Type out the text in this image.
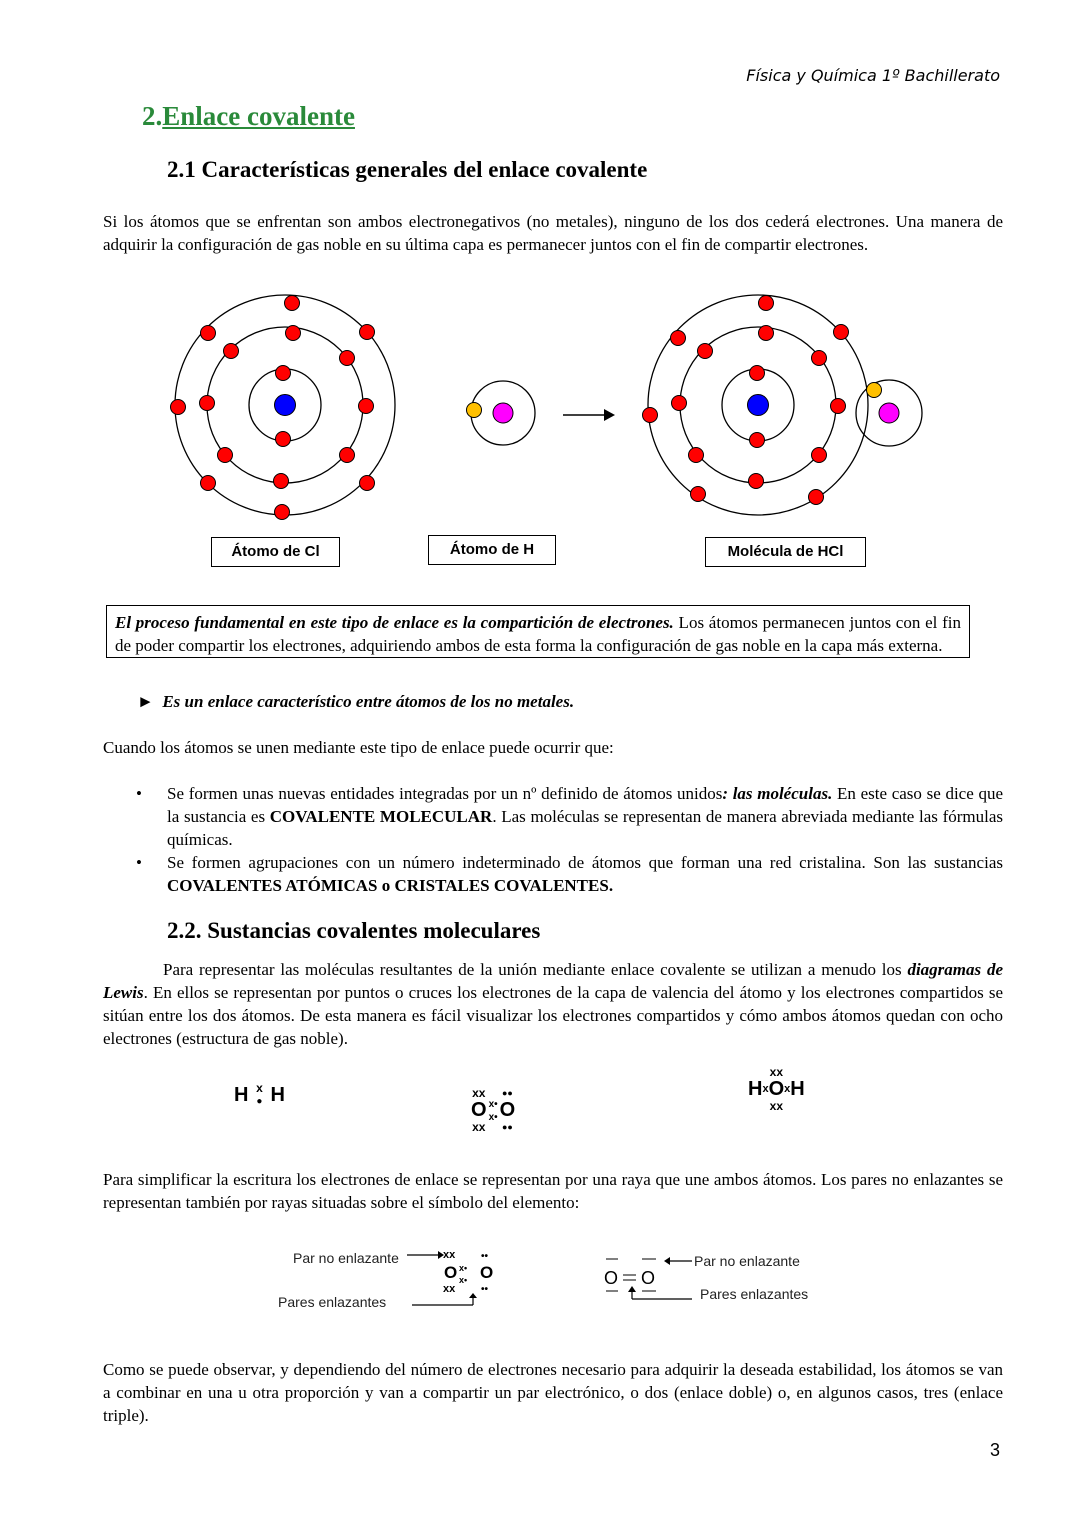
Física y Química 1º Bachillerato
2.Enlace covalente
2.1 Características generales del enlace covalente
Si los átomos que se enfrentan son ambos electronegativos (no metales), ninguno de los dos cederá electrones. Una manera de adquirir la configuración de gas noble en su última capa es permanecer juntos con el fin de compartir electrones.
Átomo de Cl	Átomo de H	Molécula de HCl
El proceso fundamental en este tipo de enlace es la compartición de electrones. Los átomos permanecen juntos con el fin de poder compartir los electrones, adquiriendo ambos de esta forma la configuración de gas noble en la capa más externa.
►  Es un enlace característico entre átomos de los no metales.
Cuando los átomos se unen mediante este tipo de enlace puede ocurrir que:
• Se formen unas nuevas entidades integradas por un nº definido de átomos unidos: las moléculas. En este caso se dice que la sustancia es COVALENTE MOLECULAR. Las moléculas se representan de manera abreviada mediante las fórmulas químicas.
• Se formen agrupaciones con un número indeterminado de átomos que forman una red cristalina. Son las sustancias COVALENTES ATÓMICAS o CRISTALES COVALENTES.
2.2. Sustancias covalentes moleculares
Para representar las moléculas resultantes de la unión mediante enlace covalente se utilizan a menudo los diagramas de Lewis. En ellos se representan por puntos o cruces los electrones de la capa de valencia del átomo y los electrones compartidos se sitúan entre los dos átomos. De esta manera es fácil visualizar los electrones compartidos y cómo ambos átomos quedan con ocho electrones (estructura de gas noble).
H x
● H	xx
O
xx
x•
x•
●●
O
●●
H x
xx
O
xx
x H
Para simplificar la escritura los electrones de enlace se representan por una raya que une ambos átomos. Los pares no enlazantes se representan también por rayas situadas sobre el símbolo del elemento:
Par no enlazante
Pares enlazantes
Par no enlazante
Pares enlazantes
xx
O
xx
x•
x•
••
O
••
O O
Como se puede observar, y dependiendo del número de electrones necesario para adquirir la deseada estabilidad, los átomos se van a combinar en una u otra proporción y van a compartir un par electrónico, o dos (enlace doble) o, en algunos casos, tres (enlace triple).
3
